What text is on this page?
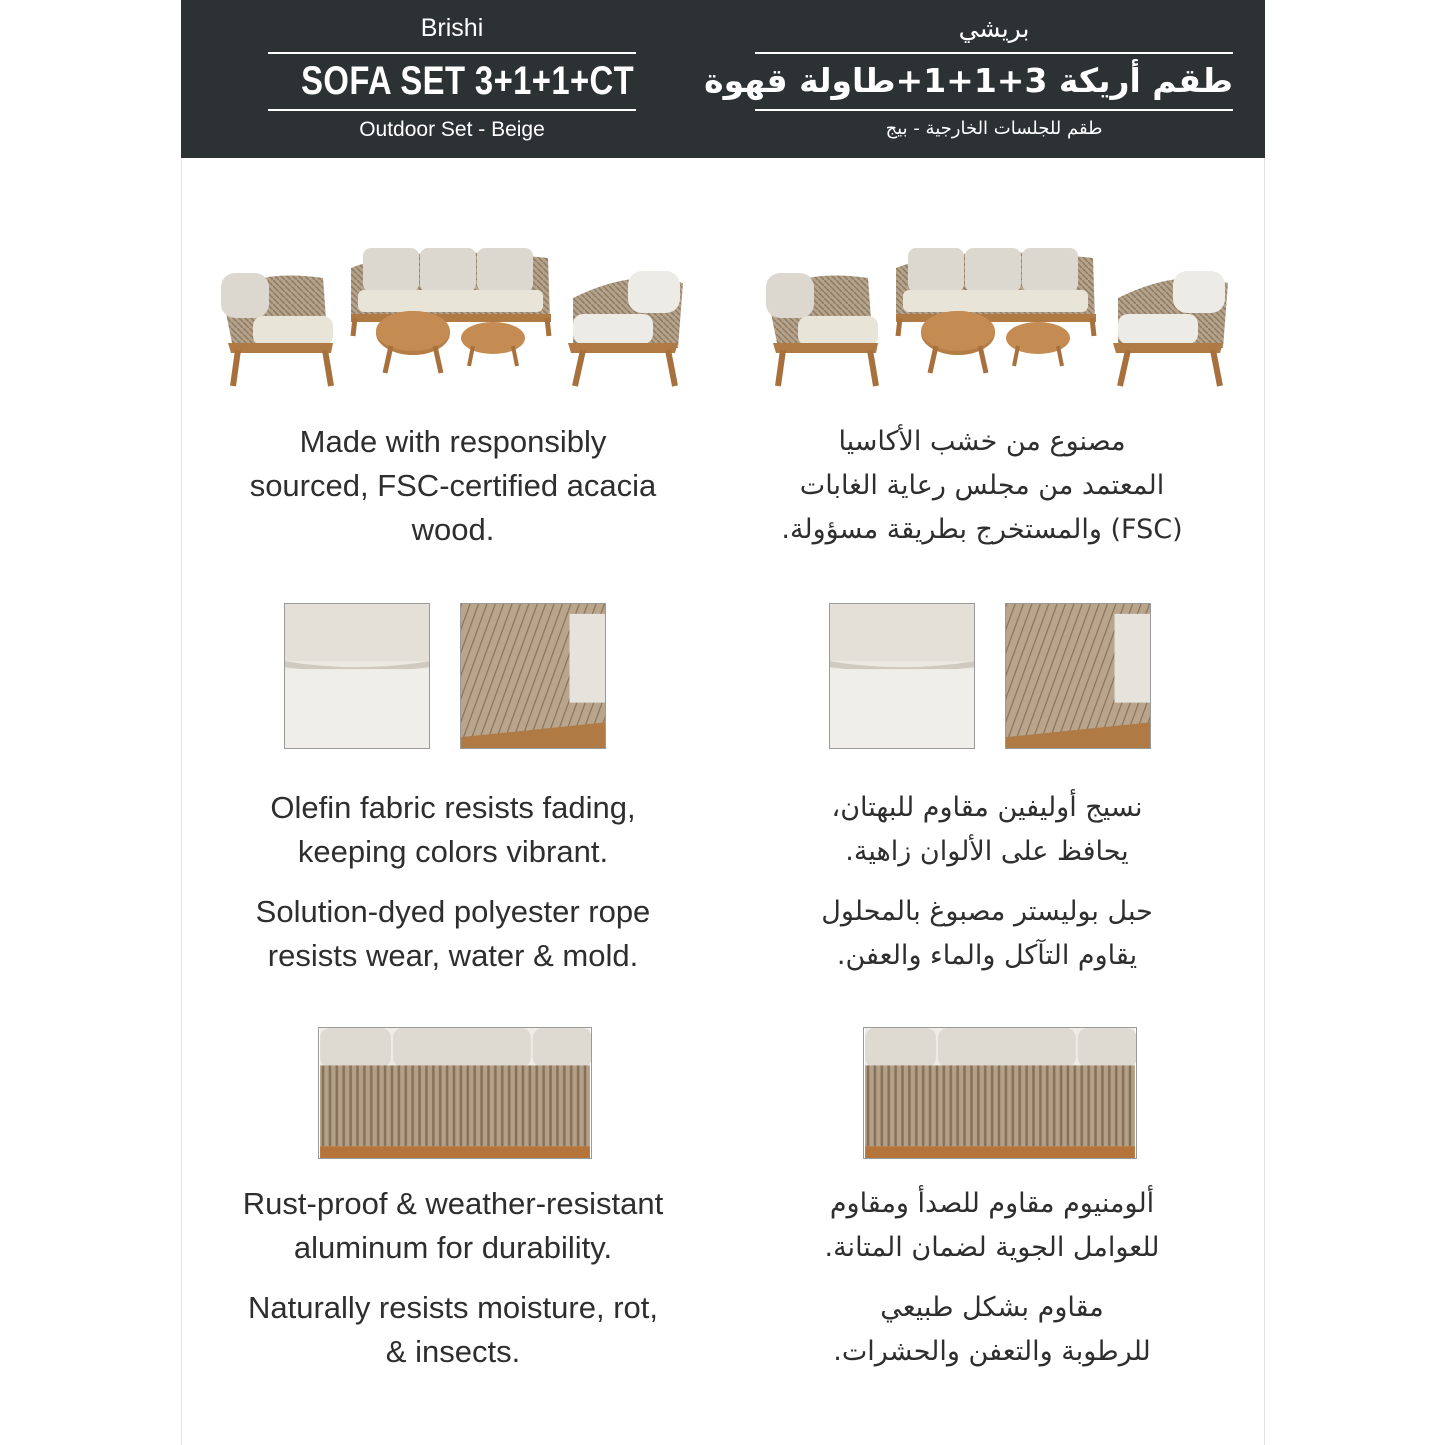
Brishi
SOFA SET 3+1+1+CT
Outdoor Set - Beige
بريشي
طقم أريكة 3+1+1+طاولة قهوة
طقم للجلسات الخارجية - بيج
Made with responsibly
sourced, FSC-certified acacia
wood.
مصنوع من خشب الأكاسيا
المعتمد من مجلس رعاية الغابات
(FSC) والمستخرج بطريقة مسؤولة.
Olefin fabric resists fading,
keeping colors vibrant.
نسيج أوليفين مقاوم للبهتان،
يحافظ على الألوان زاهية.
Solution-dyed polyester rope
resists wear, water & mold.
حبل بوليستر مصبوغ بالمحلول
يقاوم التآكل والماء والعفن.
Rust-proof & weather-resistant
aluminum for durability.
ألومنيوم مقاوم للصدأ ومقاوم
للعوامل الجوية لضمان المتانة.
Naturally resists moisture, rot,
& insects.
مقاوم بشكل طبيعي
للرطوبة والتعفن والحشرات.
